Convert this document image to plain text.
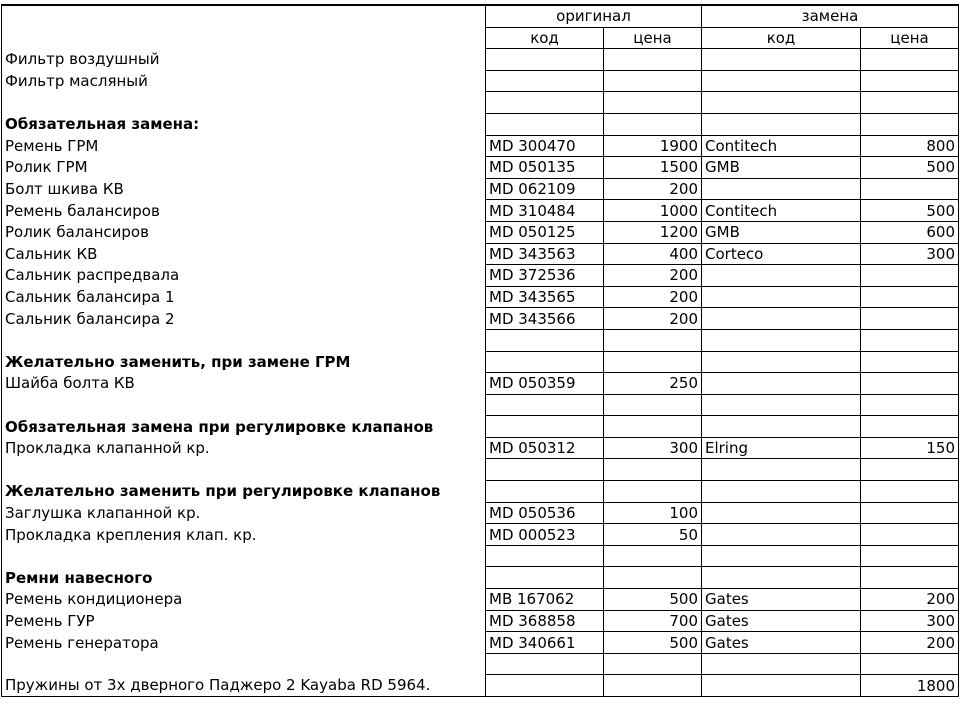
	оригинал		замена	
	код	цена	код	цена
Фильтр воздушный				
Фильтр масляный				

Обязательная замена:				
Ремень ГРМ	MD 300470	1900	Contitech	800
Ролик ГРМ	MD 050135	1500	GMB	500
Болт шкива КВ	MD 062109	200		
Ремень балансиров	MD 310484	1000	Contitech	500
Ролик балансиров	MD 050125	1200	GMB	600
Сальник КВ	MD 343563	400	Corteco	300
Сальник распредвала	MD 372536	200		
Сальник балансира 1	MD 343565	200		
Сальник балансира 2	MD 343566	200		

Желательно заменить, при замене ГРМ				
Шайба болта КВ	MD 050359	250		

Обязательная замена при регулировке клапанов				
Прокладка клапанной кр.	MD 050312	300	Elring	150

Желательно заменить при регулировке клапанов				
Заглушка клапанной кр.	MD 050536	100		
Прокладка крепления клап. кр.	MD 000523	50		

Ремни навесного				
Ремень кондиционера	MB 167062	500	Gates	200
Ремень ГУР	MD 368858	700	Gates	300
Ремень генератора	MD 340661	500	Gates	200

Пружины от 3х дверного Паджеро 2 Kayaba RD 5964.				1800
